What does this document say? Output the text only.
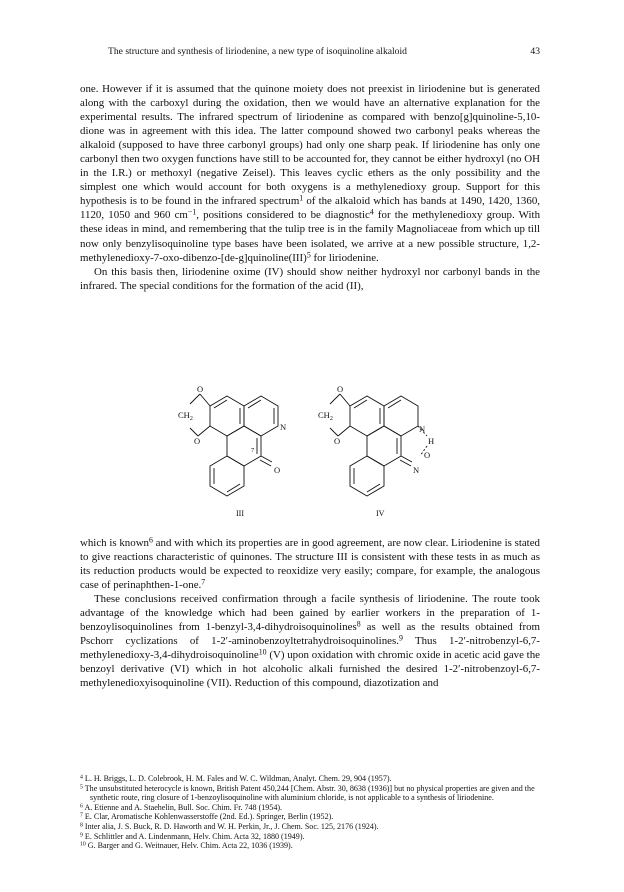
The structure and synthesis of liriodenine, a new type of isoquinoline alkaloid	43

one. However if it is assumed that the quinone moiety does not preexist in liriodenine but is generated along with the carboxyl during the oxidation, then we would have an alternative explanation for the experimental results. The infrared spectrum of liriodenine as compared with benzo[g]quinoline-5,10-dione was in agreement with this idea. The latter compound showed two carbonyl peaks whereas the alkaloid (supposed to have three carbonyl groups) had only one sharp peak. If liriodenine has only one carbonyl then two oxygen functions have still to be accounted for, they cannot be either hydroxyl (no OH in the I.R.) or methoxyl (negative Zeisel). This leaves cyclic ethers as the only possibility and the simplest one which would account for both oxygens is a methylenedioxy group. Support for this hypothesis is to be found in the infrared spectrum$^1$ of the alkaloid which has bands at 1490, 1420, 1360, 1120, 1050 and 960 $cm^{-1}$, positions considered to be diagnostic$^4$ for the methylenedioxy group. With these ideas in mind, and remembering that the tulip tree is in the family Magnoliaceae from which up till now only benzylisoquinoline type bases have been isolated, we arrive at a new possible structure, 1,2-methylenedioxy-7-oxo-dibenzo-[de-g]quinoline(III)$^5$ for liriodenine.

On this basis then, liriodenine oxime (IV) should show neither hydroxyl nor carbonyl bands in the infrared. The special conditions for the formation of the acid (II),

O
$CH_2$
O
N
7
O
O
$CH_2$
O
N
H
O
N
III	IV

which is known$^6$ and with which its properties are in good agreement, are now clear. Liriodenine is stated to give reactions characteristic of quinones. The structure III is consistent with these tests in as much as its reduction products would be expected to reoxidize very easily; compare, for example, the analogous case of perinaphthen-1-one.$^7$

These conclusions received confirmation through a facile synthesis of liriodenine. The route took advantage of the knowledge which had been gained by earlier workers in the preparation of 1-benzoylisoquinolines from 1-benzyl-3,4-dihydroisoquinolines$^8$ as well as the results obtained from Pschorr cyclizations of 1-2′-aminobenzoyltetrahydroisoquinolines.$^9$ Thus 1-2′-nitrobenzyl-6,7-methylenedioxy-3,4-dihydroisoquinoline$^{10}$ (V) upon oxidation with chromic oxide in acetic acid gave the benzoyl derivative (VI) which in hot alcoholic alkali furnished the desired 1-2′-nitrobenzoyl-6,7-methylenedioxyisoquinoline (VII). Reduction of this compound, diazotization and

$^4$ L. H. Briggs, L. D. Colebrook, H. M. Fales and W. C. Wildman, Analyt. Chem. 29, 904 (1957).
$^5$ The unsubstituted heterocycle is known, British Patent 450,244 [Chem. Abstr. 30, 8638 (1936)] but no physical properties are given and the synthetic route, ring closure of 1-benzoylisoquinoline with aluminium chloride, is not applicable to a synthesis of liriodenine.
$^6$ A. Etienne and A. Staehelin, Bull. Soc. Chim. Fr. 748 (1954).
$^7$ E. Clar, Aromatische Kohlenwasserstoffe (2nd. Ed.). Springer, Berlin (1952).
$^8$ Inter alia, J. S. Buck, R. D. Haworth and W. H. Perkin, Jr., J. Chem. Soc. 125, 2176 (1924).
$^9$ E. Schlittler and A. Lindenmann, Helv. Chim. Acta 32, 1880 (1949).
$^{10}$ G. Barger and G. Weitnauer, Helv. Chim. Acta 22, 1036 (1939).
